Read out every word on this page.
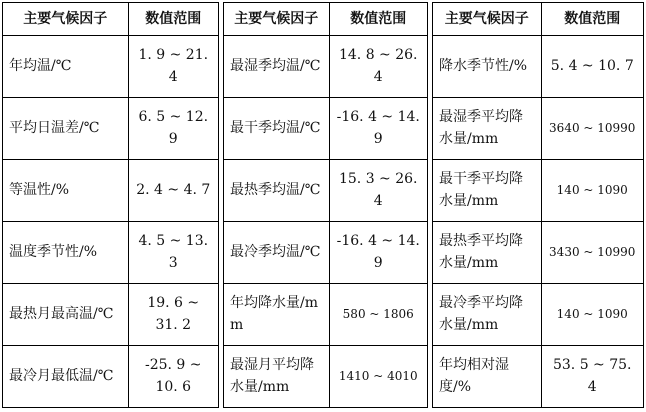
主要气候因子	数值范围
年均温/℃	1. 9 ~ 21. 4
平均日温差/℃	6. 5 ~ 12. 9
等温性/%	2. 4 ~ 4. 7
温度季节性/%	4. 5 ~ 13. 3
最热月最高温/℃	19. 6 ~ 31. 2
最冷月最低温/℃	-25. 9 ~ 10. 6
主要气候因子	数值范围
最湿季均温/℃	14. 8 ~ 26. 4
最干季均温/℃	-16. 4 ~ 14. 9
最热季均温/℃	15. 3 ~ 26. 4
最冷季均温/℃	-16. 4 ~ 14. 9
年均降水量/mm	580 ~ 1806
最湿月平均降水量/mm	1410 ~ 4010
主要气候因子	数值范围
降水季节性/%	5. 4 ~ 10. 7
最湿季平均降水量/mm	3640 ~ 10990
最干季平均降水量/mm	140 ~ 1090
最热季平均降水量/mm	3430 ~ 10990
最冷季平均降水量/mm	140 ~ 1090
年均相对湿度/%	53. 5 ~ 75. 4
